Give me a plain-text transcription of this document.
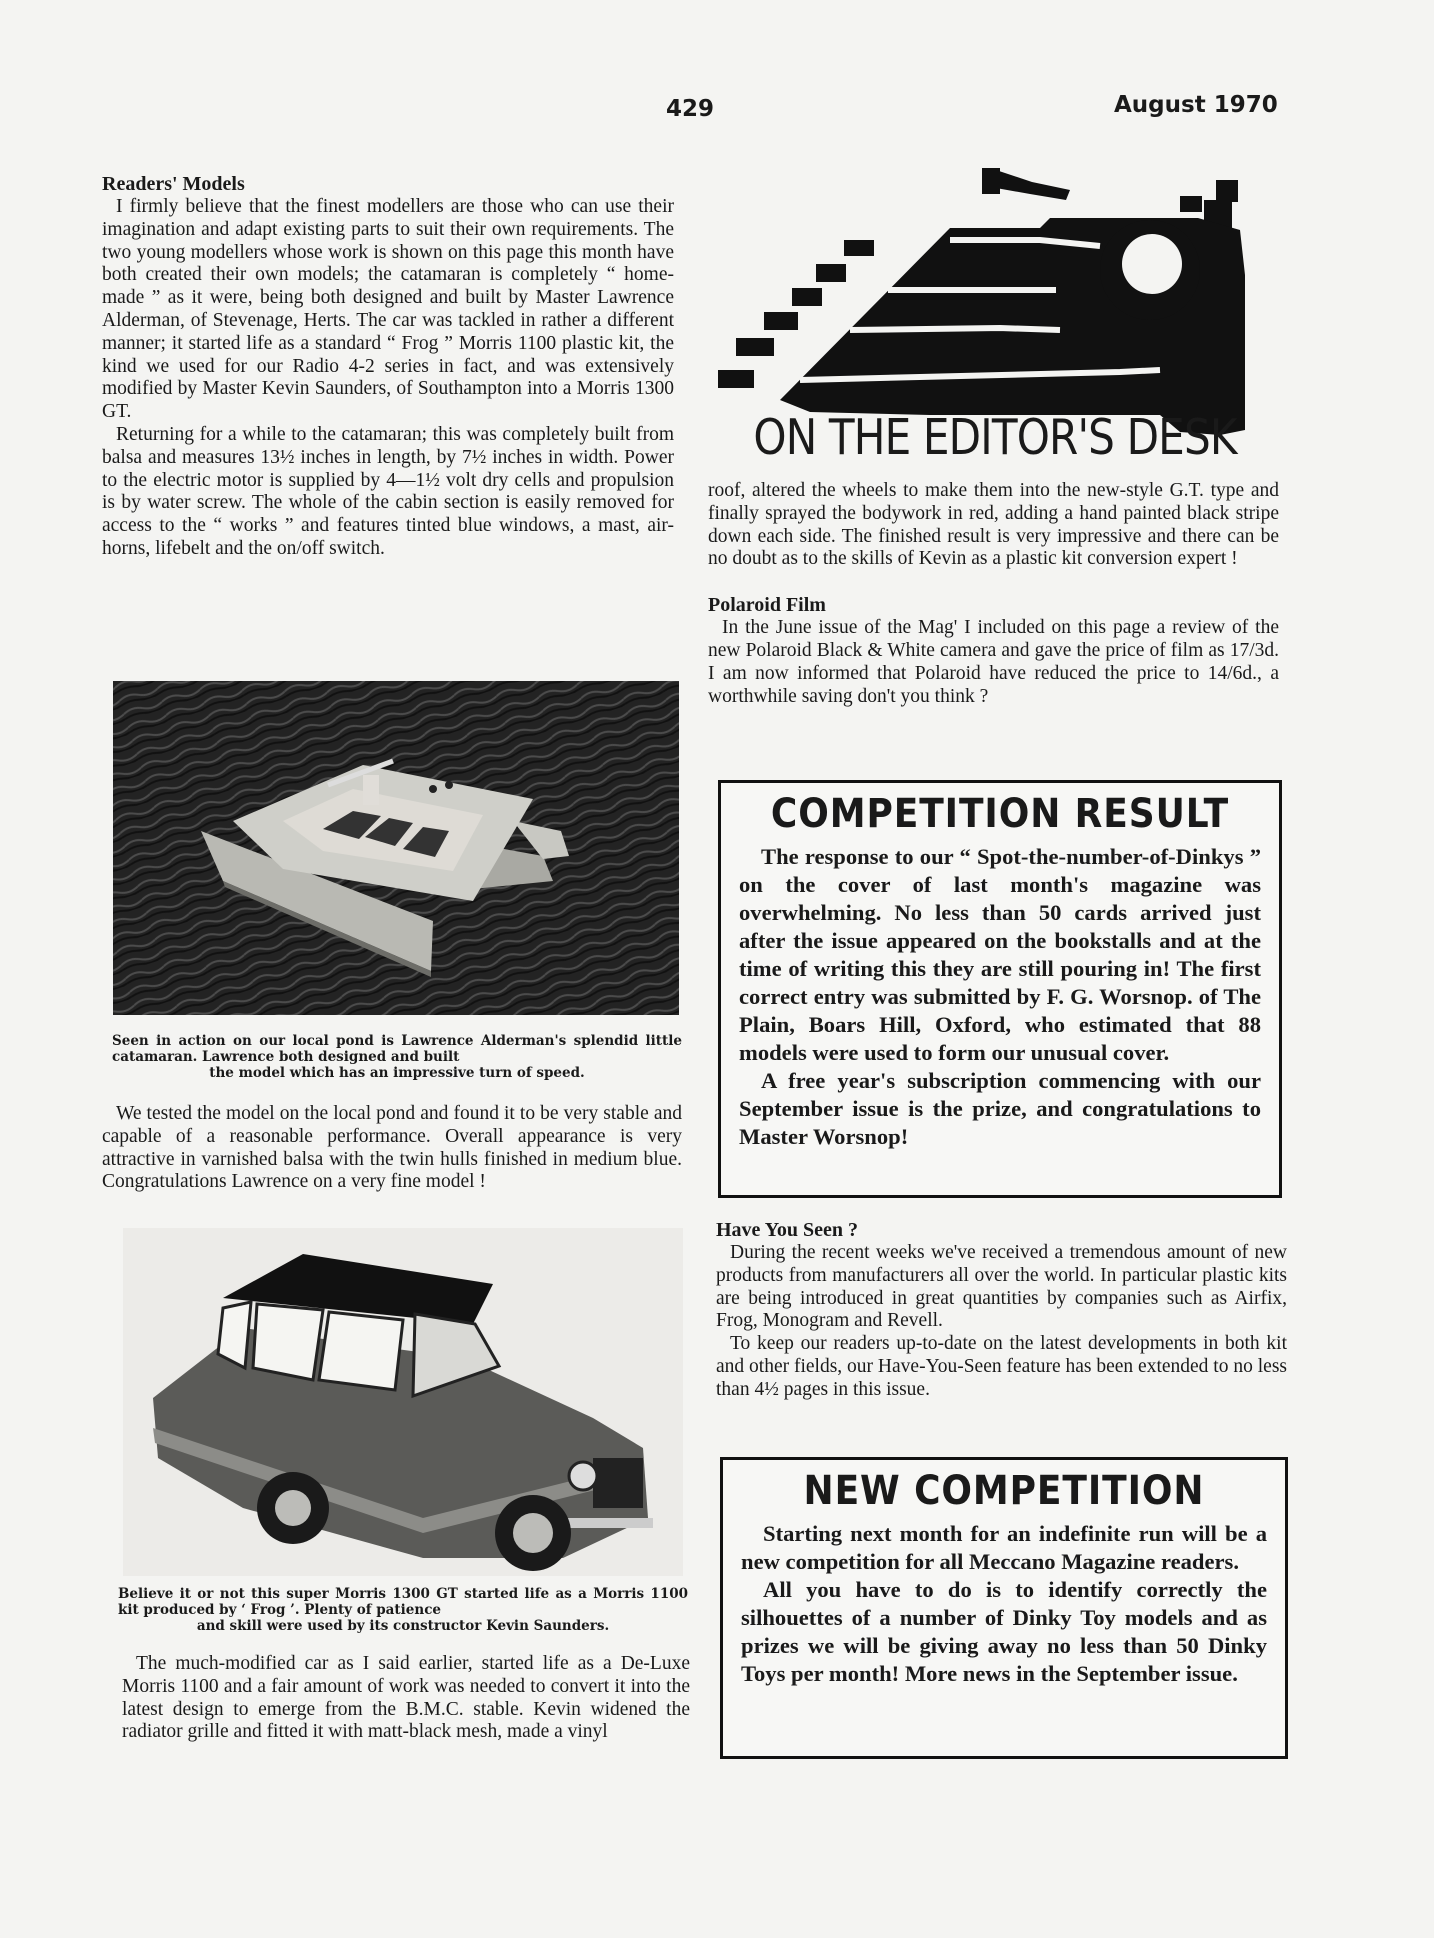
429	August 1970
Readers' Models

I firmly believe that the finest modellers are those who can use their imagination and adapt existing parts to suit their own requirements. The two young modellers whose work is shown on this page this month have both created their own models; the catamaran is completely “ home-made ” as it were, being both designed and built by Master Lawrence Alderman, of Stevenage, Herts. The car was tackled in rather a different manner; it started life as a standard “ Frog ” Morris 1100 plastic kit, the kind we used for our Radio 4-2 series in fact, and was extensively modified by Master Kevin Saunders, of Southampton into a Morris 1300 GT.

Returning for a while to the catamaran; this was completely built from balsa and measures 13½ inches in length, by 7½ inches in width. Power to the electric motor is supplied by 4—1½ volt dry cells and propulsion is by water screw. The whole of the cabin section is easily removed for access to the “ works ” and features tinted blue windows, a mast, air-horns, lifebelt and the on/off switch.

Seen in action on our local pond is Lawrence Alderman's splendid little catamaran. Lawrence both designed and built
the model which has an impressive turn of speed.

We tested the model on the local pond and found it to be very stable and capable of a reasonable performance. Overall appearance is very attractive in varnished balsa with the twin hulls finished in medium blue. Congratulations Lawrence on a very fine model !

Believe it or not this super Morris 1300 GT started life as a Morris 1100 kit produced by ‘ Frog ’. Plenty of patience
and skill were used by its constructor Kevin Saunders.

The much-modified car as I said earlier, started life as a De-Luxe Morris 1100 and a fair amount of work was needed to convert it into the latest design to emerge from the B.M.C. stable. Kevin widened the radiator grille and fitted it with matt-black mesh, made a vinyl

ON THE EDITOR'S DESK

roof, altered the wheels to make them into the new-style G.T. type and finally sprayed the bodywork in red, adding a hand painted black stripe down each side. The finished result is very impressive and there can be no doubt as to the skills of Kevin as a plastic kit conversion expert !

Polaroid Film

In the June issue of the Mag' I included on this page a review of the new Polaroid Black & White camera and gave the price of film as 17/3d. I am now informed that Polaroid have reduced the price to 14/6d., a worthwhile saving don't you think ?

COMPETITION RESULT

The response to our “ Spot-the-number-of-Dinkys ” on the cover of last month's magazine was overwhelming. No less than 50 cards arrived just after the issue appeared on the bookstalls and at the time of writing this they are still pouring in! The first correct entry was submitted by F. G. Worsnop. of The Plain, Boars Hill, Oxford, who estimated that 88 models were used to form our unusual cover.

A free year's subscription commencing with our September issue is the prize, and congratulations to Master Worsnop!

Have You Seen ?

During the recent weeks we've received a tremendous amount of new products from manufacturers all over the world. In particular plastic kits are being introduced in great quantities by companies such as Airfix, Frog, Monogram and Revell.

To keep our readers up-to-date on the latest developments in both kit and other fields, our Have-You-Seen feature has been extended to no less than 4½ pages in this issue.

NEW COMPETITION

Starting next month for an indefinite run will be a new competition for all Meccano Magazine readers.

All you have to do is to identify correctly the silhouettes of a number of Dinky Toy models and as prizes we will be giving away no less than 50 Dinky Toys per month! More news in the September issue.
